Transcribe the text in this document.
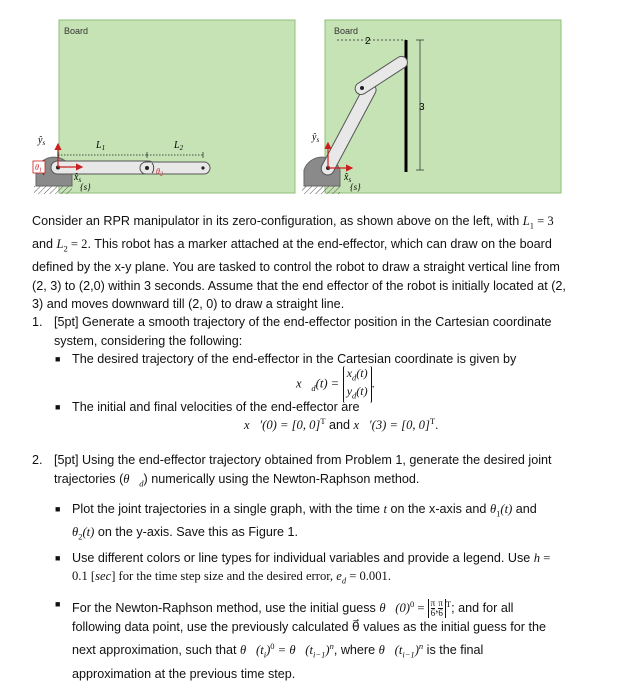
Board
$ŷ_s$
$x̂_s$
{s}
θ1
$L_1$	$L_2$
θ2
Board
3
2
$ŷ_s$
$x̂_s$
{s}
Consider an RPR manipulator in its zero-configuration, as shown above on the left, with $L_1 = 3$
and $L_2 = 2$. This robot has a marker attached at the end-effector, which can draw on the board
defined by the x-y plane. You are tasked to control the robot to draw a straight vertical line from
(2, 3) to (2,0) within 3 seconds. Assume that the end effector of the robot is initially located at (2,
3) and moves downward till (2, 0) to draw a straight line.
1. [5pt] Generate a smooth trajectory of the end-effector position in the Cartesian coordinate
system, considering the following:
■ The desired trajectory of the end-effector in the Cartesian coordinate is given by
$x⃗_d(t)$ =
$x_d(t)$
$y_d(t)$
.
■ The initial and final velocities of the end-effector are
x⃗′(0) = [0, 0]$^T$ and x⃗′(3) = [0, 0]$^T$.
2. [5pt] Using the end-effector trajectory obtained from Problem 1, generate the desired joint
trajectories $(\theta⃗_d)$ numerically using the Newton-Raphson method.
■ Plot the joint trajectories in a single graph, with the time t on the x-axis and $\theta_1(t)$ and
$\theta_2(t)$ on the y-axis. Save this as Figure 1.
■ Use different colors or line types for individual variables and provide a legend. Use h =
0.1 [sec] for the time step size and the desired error, $e_d = 0.001$.
■ For the Newton-Raphson method, use the initial guess $\theta⃗(0)^0 = \frac{\pi}{6}$ , $\frac{\pi}{6} ^T$; and for all
following data point, use the previously calculated θ⃗ values as the initial guess for the
next approximation, such that $\theta⃗(t_i)^0$ = $\theta⃗(t_{i-1})^n$, where $\theta⃗(t_{i-1})^n$ is the final
approximation at the previous time step.
